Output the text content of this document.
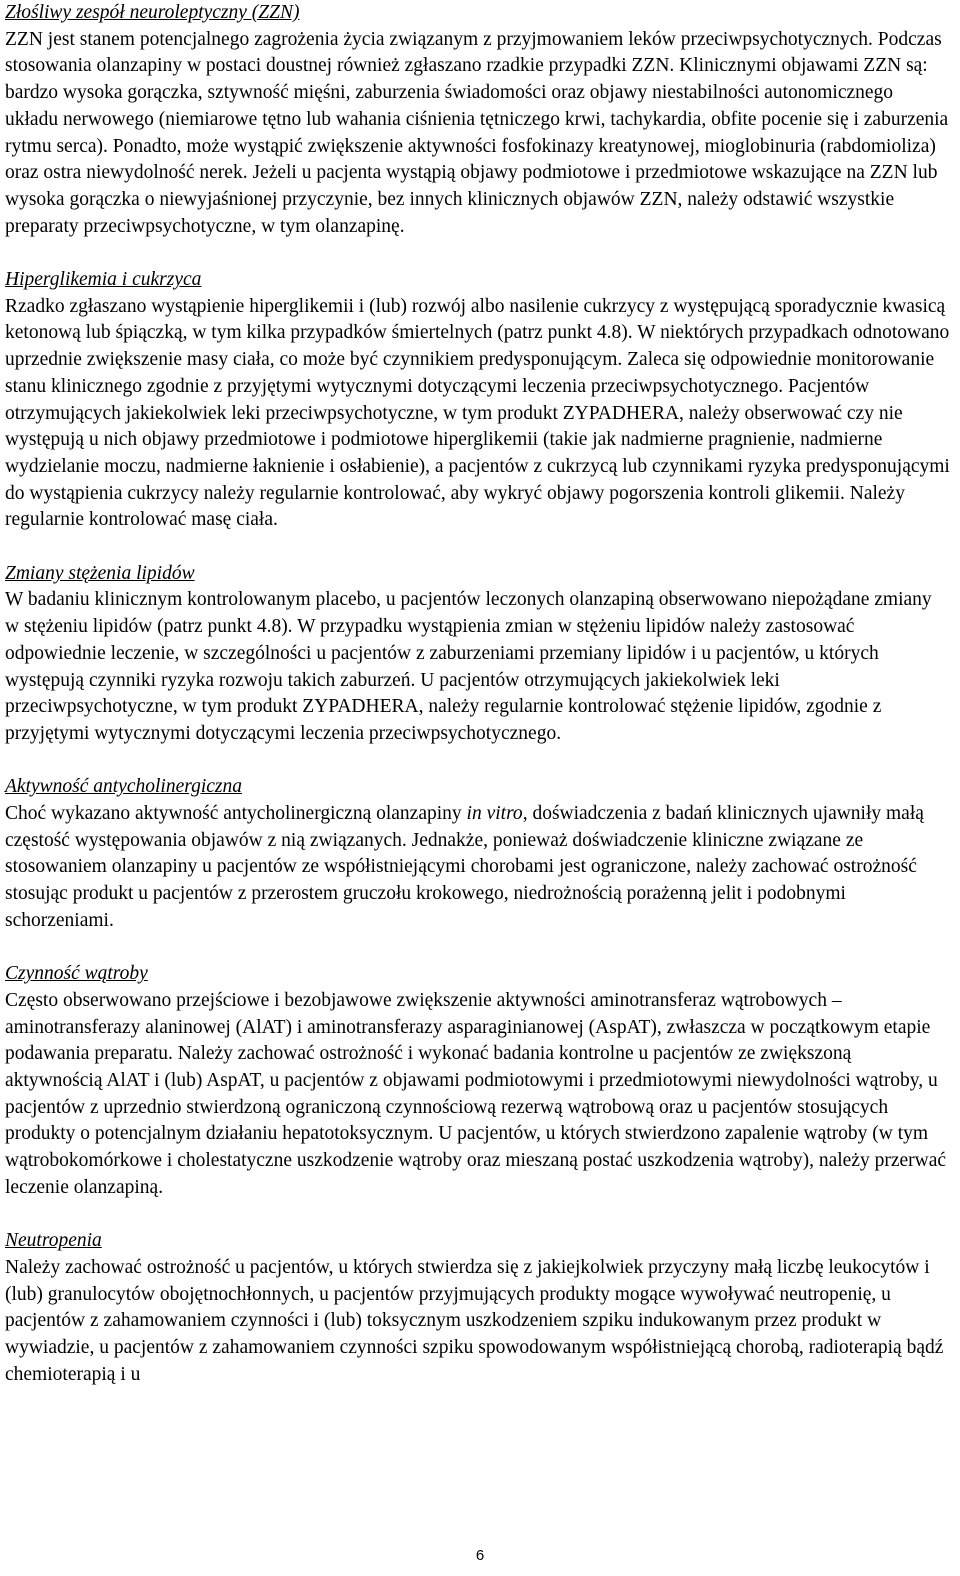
Złośliwy zespół neuroleptyczny (ZZN)

ZZN jest stanem potencjalnego zagrożenia życia związanym z przyjmowaniem leków przeciwpsychotycznych. Podczas stosowania olanzapiny w postaci doustnej również zgłaszano rzadkie przypadki ZZN. Klinicznymi objawami ZZN są: bardzo wysoka gorączka, sztywność mięśni, zaburzenia świadomości oraz objawy niestabilności autonomicznego układu nerwowego (niemiarowe tętno lub wahania ciśnienia tętniczego krwi, tachykardia, obfite pocenie się i zaburzenia rytmu serca). Ponadto, może wystąpić zwiększenie aktywności fosfokinazy kreatynowej, mioglobinuria (rabdomioliza) oraz ostra niewydolność nerek. Jeżeli u pacjenta wystąpią objawy podmiotowe i przedmiotowe wskazujące na ZZN lub wysoka gorączka o niewyjaśnionej przyczynie, bez innych klinicznych objawów ZZN, należy odstawić wszystkie preparaty przeciwpsychotyczne, w tym olanzapinę.

Hiperglikemia i cukrzyca

Rzadko zgłaszano wystąpienie hiperglikemii i (lub) rozwój albo nasilenie cukrzycy z występującą sporadycznie kwasicą ketonową lub śpiączką, w tym kilka przypadków śmiertelnych (patrz punkt 4.8). W niektórych przypadkach odnotowano uprzednie zwiększenie masy ciała, co może być czynnikiem predysponującym. Zaleca się odpowiednie monitorowanie stanu klinicznego zgodnie z przyjętymi wytycznymi dotyczącymi leczenia przeciwpsychotycznego. Pacjentów otrzymujących jakiekolwiek leki przeciwpsychotyczne, w tym produkt ZYPADHERA, należy obserwować czy nie występują u nich objawy przedmiotowe i podmiotowe hiperglikemii (takie jak nadmierne pragnienie, nadmierne wydzielanie moczu, nadmierne łaknienie i osłabienie), a pacjentów z cukrzycą lub czynnikami ryzyka predysponującymi do wystąpienia cukrzycy należy regularnie kontrolować, aby wykryć objawy pogorszenia kontroli glikemii. Należy regularnie kontrolować masę ciała.

Zmiany stężenia lipidów

W badaniu klinicznym kontrolowanym placebo, u pacjentów leczonych olanzapiną obserwowano niepożądane zmiany w stężeniu lipidów (patrz punkt 4.8). W przypadku wystąpienia zmian w stężeniu lipidów należy zastosować odpowiednie leczenie, w szczególności u pacjentów z zaburzeniami przemiany lipidów i u pacjentów, u których występują czynniki ryzyka rozwoju takich zaburzeń. U pacjentów otrzymujących jakiekolwiek leki przeciwpsychotyczne, w tym produkt ZYPADHERA, należy regularnie kontrolować stężenie lipidów, zgodnie z przyjętymi wytycznymi dotyczącymi leczenia przeciwpsychotycznego.

Aktywność antycholinergiczna

Choć wykazano aktywność antycholinergiczną olanzapiny in vitro, doświadczenia z badań klinicznych ujawniły małą częstość występowania objawów z nią związanych. Jednakże, ponieważ doświadczenie kliniczne związane ze stosowaniem olanzapiny u pacjentów ze współistniejącymi chorobami jest ograniczone, należy zachować ostrożność stosując produkt u pacjentów z przerostem gruczołu krokowego, niedrożnością porażenną jelit i podobnymi schorzeniami.

Czynność wątroby

Często obserwowano przejściowe i bezobjawowe zwiększenie aktywności aminotransferaz wątrobowych – aminotransferazy alaninowej (AlAT) i aminotransferazy asparaginianowej (AspAT), zwłaszcza w początkowym etapie podawania preparatu. Należy zachować ostrożność i wykonać badania kontrolne u pacjentów ze zwiększoną aktywnością AlAT i (lub) AspAT, u pacjentów z objawami podmiotowymi i przedmiotowymi niewydolności wątroby, u pacjentów z uprzednio stwierdzoną ograniczoną czynnościową rezerwą wątrobową oraz u pacjentów stosujących produkty o potencjalnym działaniu hepatotoksycznym. U pacjentów, u których stwierdzono zapalenie wątroby (w tym wątrobokomórkowe i cholestatyczne uszkodzenie wątroby oraz mieszaną postać uszkodzenia wątroby), należy przerwać leczenie olanzapiną.

Neutropenia

Należy zachować ostrożność u pacjentów, u których stwierdza się z jakiejkolwiek przyczyny małą liczbę leukocytów i (lub) granulocytów obojętnochłonnych, u pacjentów przyjmujących produkty mogące wywoływać neutropenię, u pacjentów z zahamowaniem czynności i (lub) toksycznym uszkodzeniem szpiku indukowanym przez produkt w wywiadzie, u pacjentów z zahamowaniem czynności szpiku spowodowanym współistniejącą chorobą, radioterapią bądź chemioterapią i u

6
